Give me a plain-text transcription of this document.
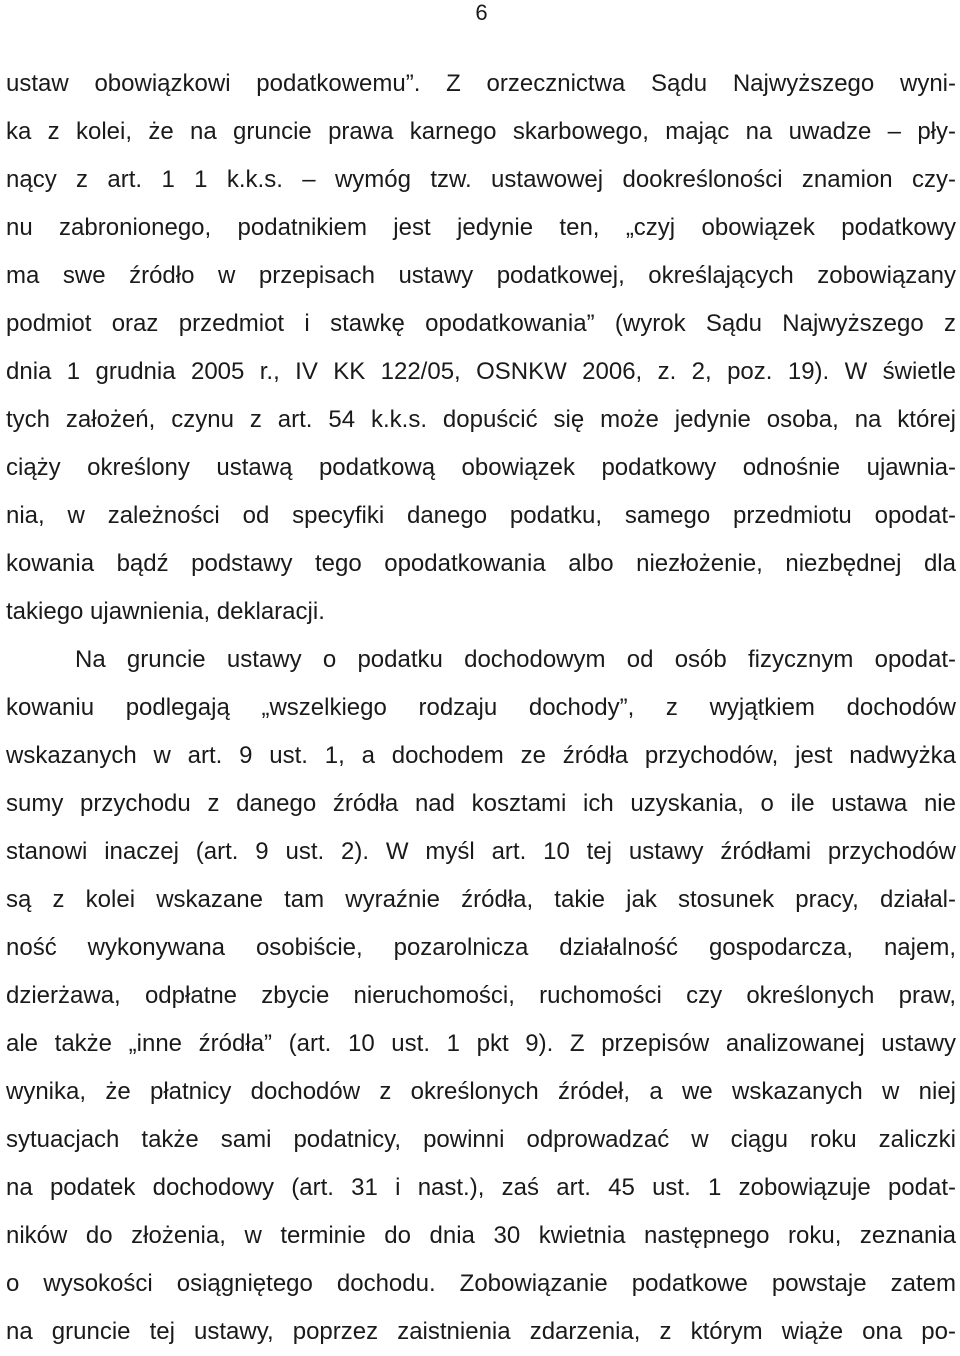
6
ustaw obowiązkowi podatkowemu”. Z orzecznictwa Sądu Najwyższego wyni-
ka z kolei, że na gruncie prawa karnego skarbowego, mając na uwadze – pły-
nący z art. 1 1 k.k.s. – wymóg tzw. ustawowej dookreśloności znamion czy-
nu zabronionego, podatnikiem jest jedynie ten, „czyj obowiązek podatkowy
ma swe źródło w przepisach ustawy podatkowej, określających zobowiązany
podmiot oraz przedmiot i stawkę opodatkowania” (wyrok Sądu Najwyższego z
dnia 1 grudnia 2005 r., IV KK 122/05, OSNKW 2006, z. 2, poz. 19). W świetle
tych założeń, czynu z art. 54 k.k.s. dopuścić się może jedynie osoba, na której
ciąży określony ustawą podatkową obowiązek podatkowy odnośnie ujawnia-
nia, w zależności od specyfiki danego podatku, samego przedmiotu opodat-
kowania bądź podstawy tego opodatkowania albo niezłożenie, niezbędnej dla
takiego ujawnienia, deklaracji.
Na gruncie ustawy o podatku dochodowym od osób fizycznym opodat-
kowaniu podlegają „wszelkiego rodzaju dochody”, z wyjątkiem dochodów
wskazanych w art. 9 ust. 1, a dochodem ze źródła przychodów, jest nadwyżka
sumy przychodu z danego źródła nad kosztami ich uzyskania, o ile ustawa nie
stanowi inaczej (art. 9 ust. 2). W myśl art. 10 tej ustawy źródłami przychodów
są z kolei wskazane tam wyraźnie źródła, takie jak stosunek pracy, działal-
ność wykonywana osobiście, pozarolnicza działalność gospodarcza, najem,
dzierżawa, odpłatne zbycie nieruchomości, ruchomości czy określonych praw,
ale także „inne źródła” (art. 10 ust. 1 pkt 9). Z przepisów analizowanej ustawy
wynika, że płatnicy dochodów z określonych źródeł, a we wskazanych w niej
sytuacjach także sami podatnicy, powinni odprowadzać w ciągu roku zaliczki
na podatek dochodowy (art. 31 i nast.), zaś art. 45 ust. 1 zobowiązuje podat-
ników do złożenia, w terminie do dnia 30 kwietnia następnego roku, zeznania
o wysokości osiągniętego dochodu. Zobowiązanie podatkowe powstaje zatem
na gruncie tej ustawy, poprzez zaistnienia zdarzenia, z którym wiąże ona po-
